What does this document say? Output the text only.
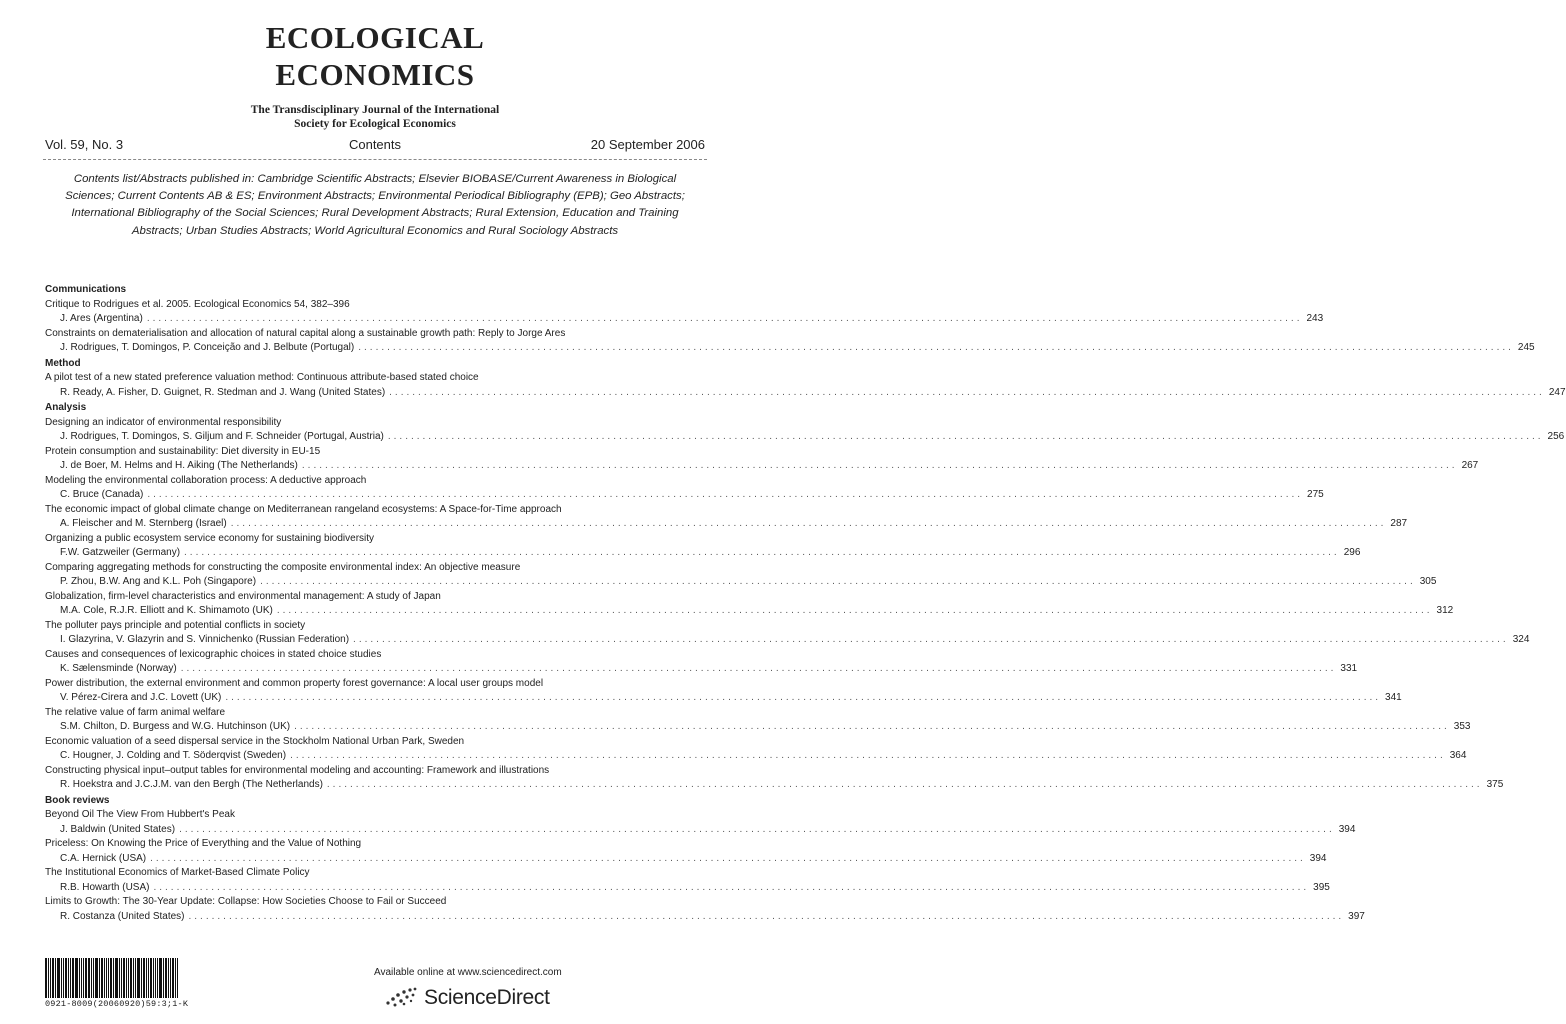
ECOLOGICAL
ECONOMICS
The Transdisciplinary Journal of the International
Society for Ecological Economics
Vol. 59, No. 3	Contents	20 September 2006
Contents list/Abstracts published in: Cambridge Scientific Abstracts; Elsevier BIOBASE/Current Awareness in Biological Sciences; Current Contents AB & ES; Environment Abstracts; Environmental Periodical Bibliography (EPB); Geo Abstracts; International Bibliography of the Social Sciences; Rural Development Abstracts; Rural Extension, Education and Training Abstracts; Urban Studies Abstracts; World Agricultural Economics and Rural Sociology Abstracts
Communications
Critique to Rodrigues et al. 2005. Ecological Economics 54, 382–396
J. Ares (Argentina) ........................................................................................................................................................................................................ 243
Constraints on dematerialisation and allocation of natural capital along a sustainable growth path: Reply to Jorge Ares
J. Rodrigues, T. Domingos, P. Conceição and J. Belbute (Portugal) ........................................................................................................................................................................................................ 245
Method
A pilot test of a new stated preference valuation method: Continuous attribute-based stated choice
R. Ready, A. Fisher, D. Guignet, R. Stedman and J. Wang (United States) ........................................................................................................................................................................................................ 247
Analysis
Designing an indicator of environmental responsibility
J. Rodrigues, T. Domingos, S. Giljum and F. Schneider (Portugal, Austria) ........................................................................................................................................................................................................ 256
Protein consumption and sustainability: Diet diversity in EU-15
J. de Boer, M. Helms and H. Aiking (The Netherlands) ........................................................................................................................................................................................................ 267
Modeling the environmental collaboration process: A deductive approach
C. Bruce (Canada) ........................................................................................................................................................................................................ 275
The economic impact of global climate change on Mediterranean rangeland ecosystems: A Space-for-Time approach
A. Fleischer and M. Sternberg (Israel) ........................................................................................................................................................................................................ 287
Organizing a public ecosystem service economy for sustaining biodiversity
F.W. Gatzweiler (Germany) ........................................................................................................................................................................................................ 296
Comparing aggregating methods for constructing the composite environmental index: An objective measure
P. Zhou, B.W. Ang and K.L. Poh (Singapore) ........................................................................................................................................................................................................ 305
Globalization, firm-level characteristics and environmental management: A study of Japan
M.A. Cole, R.J.R. Elliott and K. Shimamoto (UK) ........................................................................................................................................................................................................ 312
The polluter pays principle and potential conflicts in society
I. Glazyrina, V. Glazyrin and S. Vinnichenko (Russian Federation) ........................................................................................................................................................................................................ 324
Causes and consequences of lexicographic choices in stated choice studies
K. Sælensminde (Norway) ........................................................................................................................................................................................................ 331
Power distribution, the external environment and common property forest governance: A local user groups model
V. Pérez-Cirera and J.C. Lovett (UK) ........................................................................................................................................................................................................ 341
The relative value of farm animal welfare
S.M. Chilton, D. Burgess and W.G. Hutchinson (UK) ........................................................................................................................................................................................................ 353
Economic valuation of a seed dispersal service in the Stockholm National Urban Park, Sweden
C. Hougner, J. Colding and T. Söderqvist (Sweden) ........................................................................................................................................................................................................ 364
Constructing physical input–output tables for environmental modeling and accounting: Framework and illustrations
R. Hoekstra and J.C.J.M. van den Bergh (The Netherlands) ........................................................................................................................................................................................................ 375
Book reviews
Beyond Oil The View From Hubbert's Peak
J. Baldwin (United States) ........................................................................................................................................................................................................ 394
Priceless: On Knowing the Price of Everything and the Value of Nothing
C.A. Hernick (USA) ........................................................................................................................................................................................................ 394
The Institutional Economics of Market-Based Climate Policy
R.B. Howarth (USA) ........................................................................................................................................................................................................ 395
Limits to Growth: The 30-Year Update: Collapse: How Societies Choose to Fail or Succeed
R. Costanza (United States) ........................................................................................................................................................................................................ 397
0921-8009(20060920)59:3;1-K
Available online at www.sciencedirect.com
ScienceDirect
